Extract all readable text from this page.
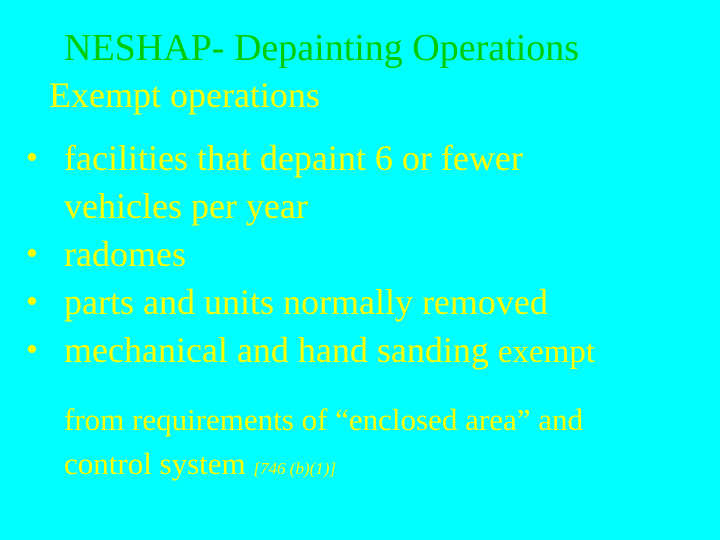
NESHAP- Depainting Operations
Exempt operations
• facilities that depaint 6 or fewer
vehicles per year
• radomes
• parts and units normally removed
• mechanical and hand sanding exempt
from requirements of “enclosed area” and
control system [746 (b)(1)]
